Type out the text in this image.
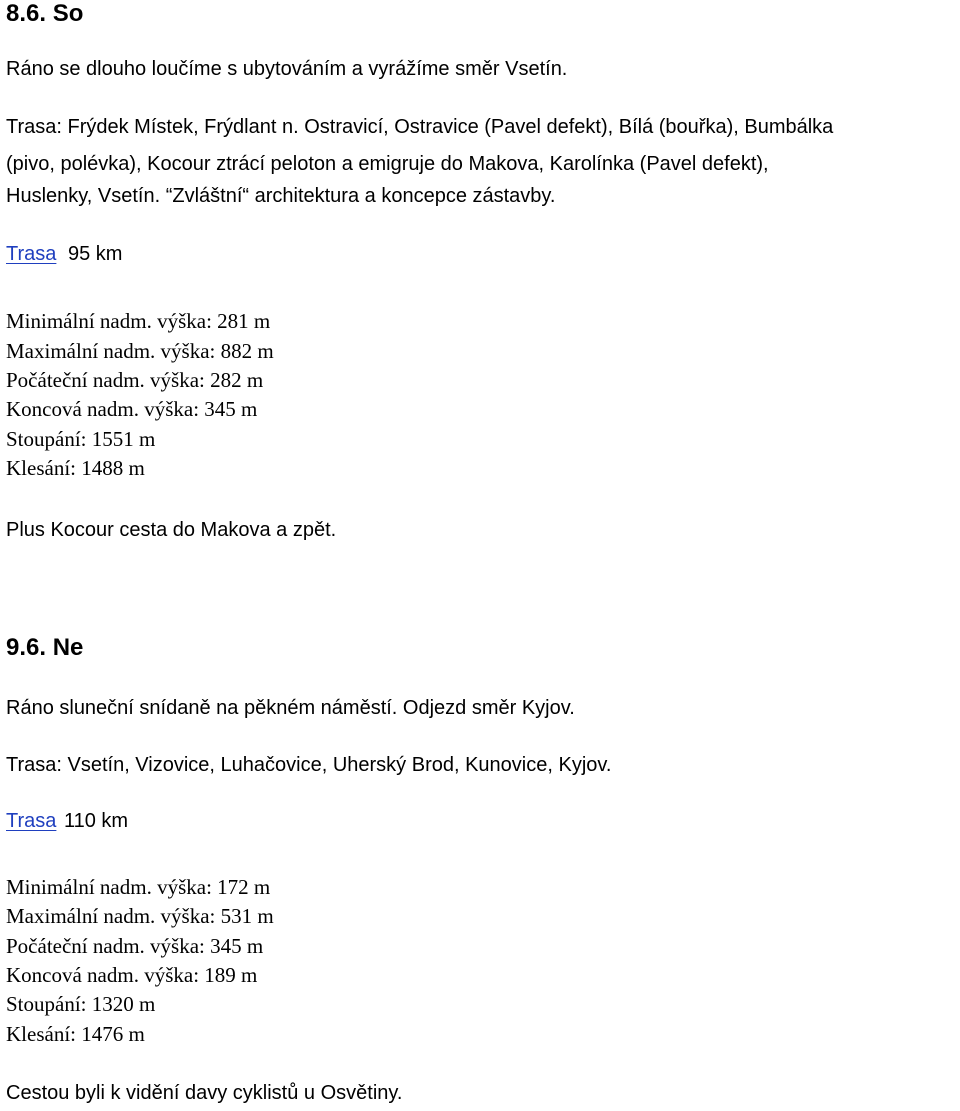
8.6. So
Ráno se dlouho loučíme s ubytováním a vyrážíme směr Vsetín.
Trasa: Frýdek Místek, Frýdlant n. Ostravicí, Ostravice (Pavel defekt), Bílá (bouřka), Bumbálka
(pivo, polévka), Kocour ztrácí peloton a emigruje do Makova, Karolínka (Pavel defekt),
Huslenky, Vsetín. “Zvláštní“ architektura a koncepce zástavby.
Trasa 95 km
Minimální nadm. výška: 281 m
Maximální nadm. výška: 882 m
Počáteční nadm. výška: 282 m
Koncová nadm. výška: 345 m
Stoupání: 1551 m
Klesání: 1488 m
Plus Kocour cesta do Makova a zpět.
9.6. Ne
Ráno sluneční snídaně na pěkném náměstí. Odjezd směr Kyjov.
Trasa: Vsetín, Vizovice, Luhačovice, Uherský Brod, Kunovice, Kyjov.
Trasa 110 km
Minimální nadm. výška: 172 m
Maximální nadm. výška: 531 m
Počáteční nadm. výška: 345 m
Koncová nadm. výška: 189 m
Stoupání: 1320 m
Klesání: 1476 m
Cestou byli k vidění davy cyklistů u Osvětiny.
